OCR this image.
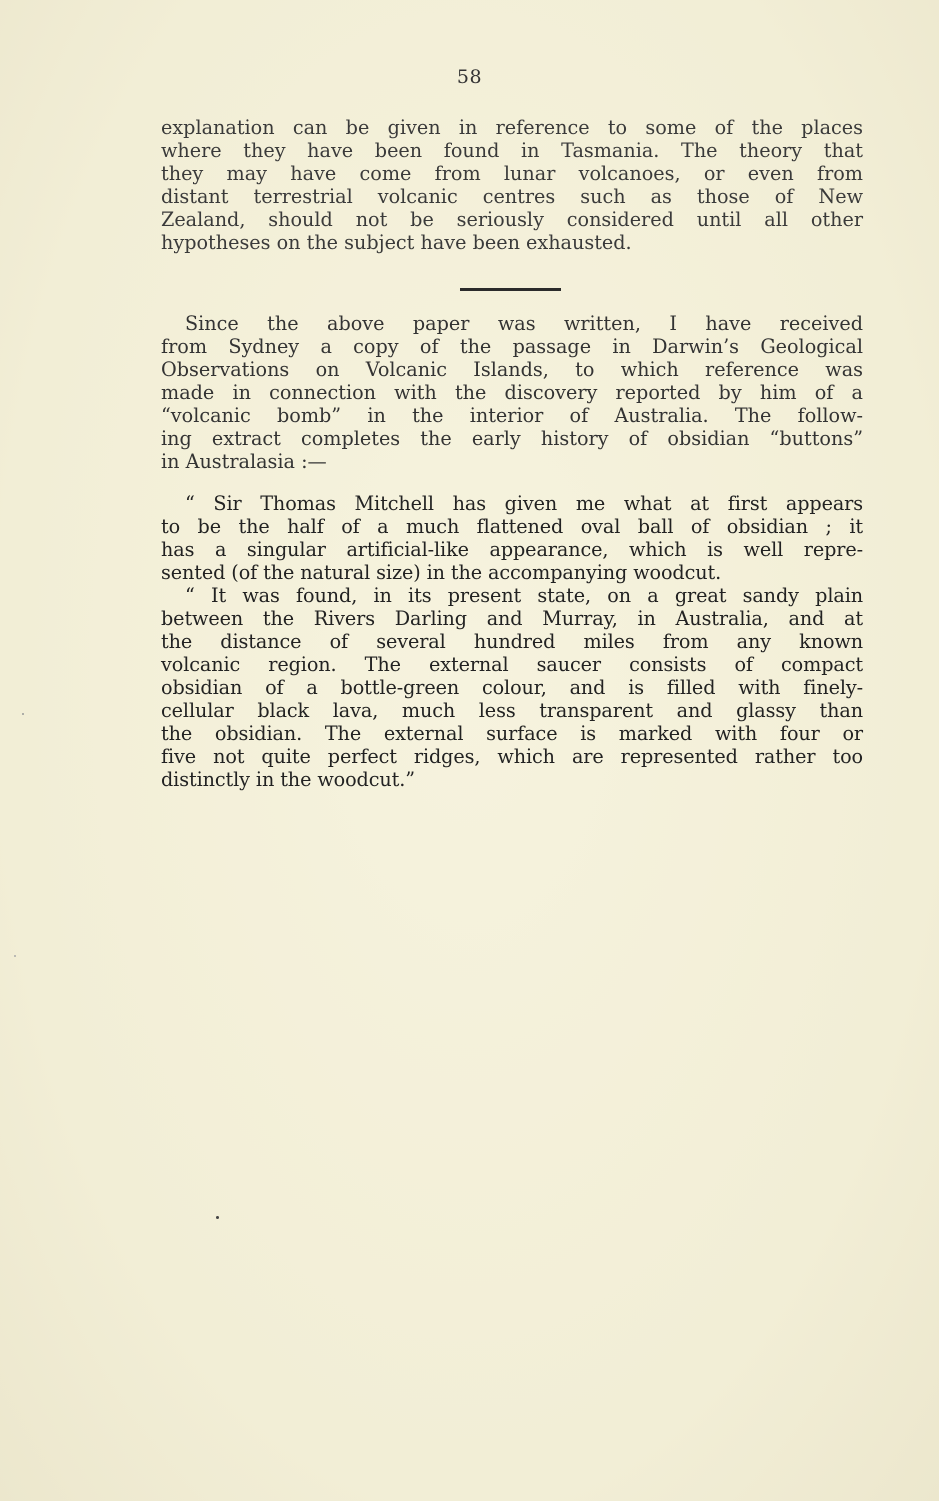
58
explanation can be given in reference to some of the places
where they have been found in Tasmania. The theory that
they may have come from lunar volcanoes, or even from
distant terrestrial volcanic centres such as those of New
Zealand, should not be seriously considered until all other
hypotheses on the subject have been exhausted.
Since the above paper was written, I have received
from Sydney a copy of the passage in Darwin’s Geological
Observations on Volcanic Islands, to which reference was
made in connection with the discovery reported by him of a
“volcanic bomb” in the interior of Australia. The follow-
ing extract completes the early history of obsidian “buttons”
in Australasia :—
“ Sir Thomas Mitchell has given me what at first appears
to be the half of a much flattened oval ball of obsidian ; it
has a singular artificial-like appearance, which is well repre-
sented (of the natural size) in the accompanying woodcut.
“ It was found, in its present state, on a great sandy plain
between the Rivers Darling and Murray, in Australia, and at
the distance of several hundred miles from any known
volcanic region. The external saucer consists of compact
obsidian of a bottle-green colour, and is filled with finely-
cellular black lava, much less transparent and glassy than
the obsidian. The external surface is marked with four or
five not quite perfect ridges, which are represented rather too
distinctly in the woodcut.”
